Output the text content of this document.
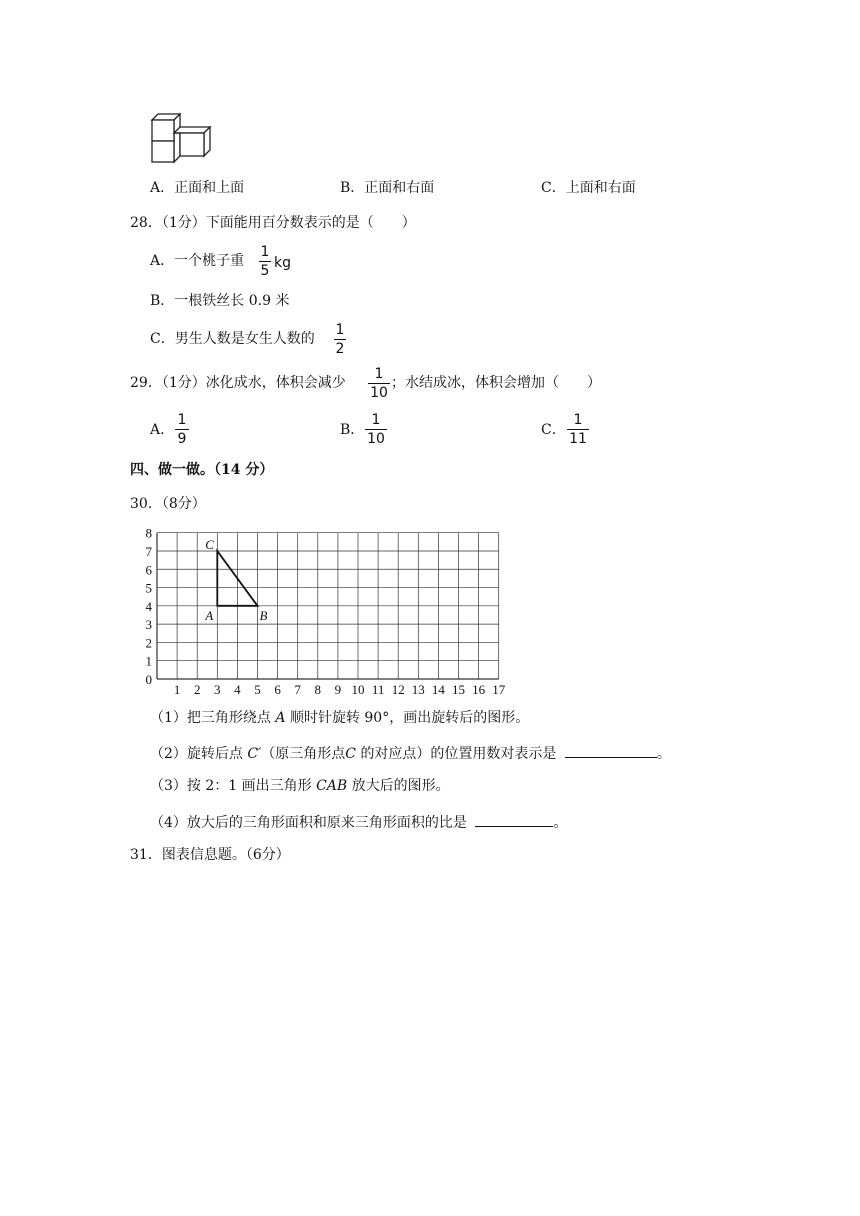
A．正面和上面	B．正面和右面	C．上面和右面
28．（1分）下面能用百分数表示的是（　　）
A．一个桃子重
1
5 kg
B．一根铁丝长 0.9 米
C．男生人数是女生人数的
1
2
29．（1分）冰化成水，体积会减少
1
10
；水结成冰，体积会增加（　　）
A．
1
9
B．
1
10
C．
1
11
四、做一做。（14 分）
30．（8分）
1 2 3 4 5 6 7 8 9 10 11 12 13 14 15 16 17
0
1
2
3
4
5
6
7
8
A	B
C
（1）把三角形绕点 A 顺时针旋转 90°，画出旋转后的图形。
（2）旋转后点 C′（原三角形点C 的对应点）的位置用数对表示是	。
（3）按 2：1 画出三角形 CAB 放大后的图形。
（4）放大后的三角形面积和原来三角形面积的比是	。
31．图表信息题。（6分）
